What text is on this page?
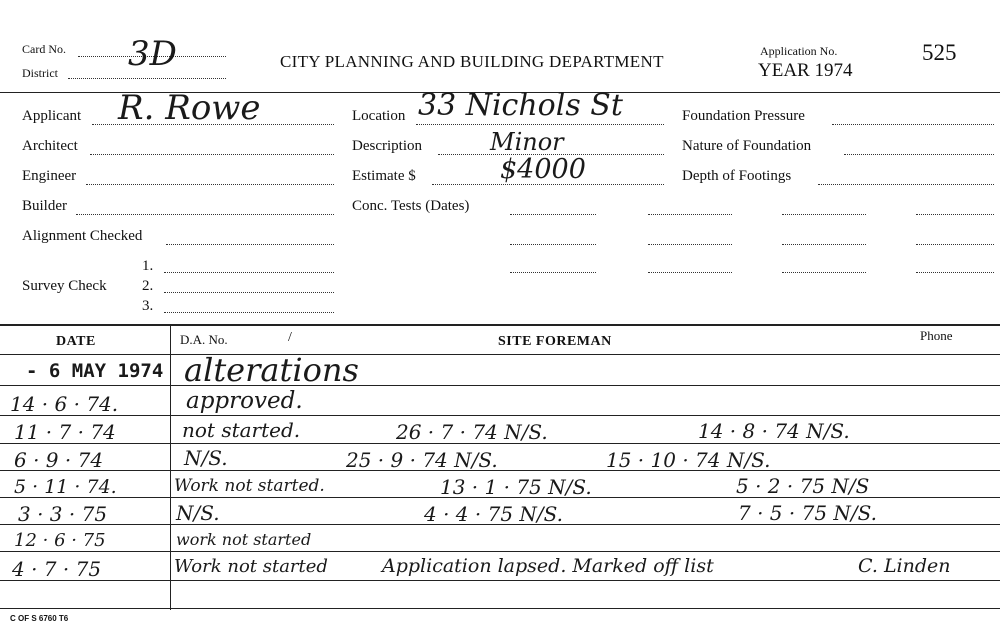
Card No. 3D
District
CITY PLANNING AND BUILDING DEPARTMENT
Application No.
YEAR 1974
525
Applicant R. Rowe
Architect
Engineer
Builder
Alignment Checked
Survey Check
1.
2.
3.
Location 33 Nichols St
Description	Minor
Estimate $	$4000
Conc. Tests (Dates)
Foundation Pressure
Nature of Foundation
Depth of Footings
DATE	D.A. No.	/	SITE FOREMAN	Phone
- 6 MAY 1974 alterations
14 · 6 · 74.	approved.
11 · 7 · 74	not started.	26 · 7 · 74 N/S.	14 · 8 · 74 N/S.
6 · 9 · 74	N/S.	25 · 9 · 74 N/S.	15 · 10 · 74 N/S.
5 · 11 · 74.	Work not started.	13 · 1 · 75 N/S.	5 · 2 · 75 N/S
3 · 3 · 75	N/S.	4 · 4 · 75 N/S.	7 · 5 · 75 N/S.
12 · 6 · 75	work not started
4 · 7 · 75	Work not started	Application lapsed. Marked off list	C. Linden
C OF S 6760 T6
